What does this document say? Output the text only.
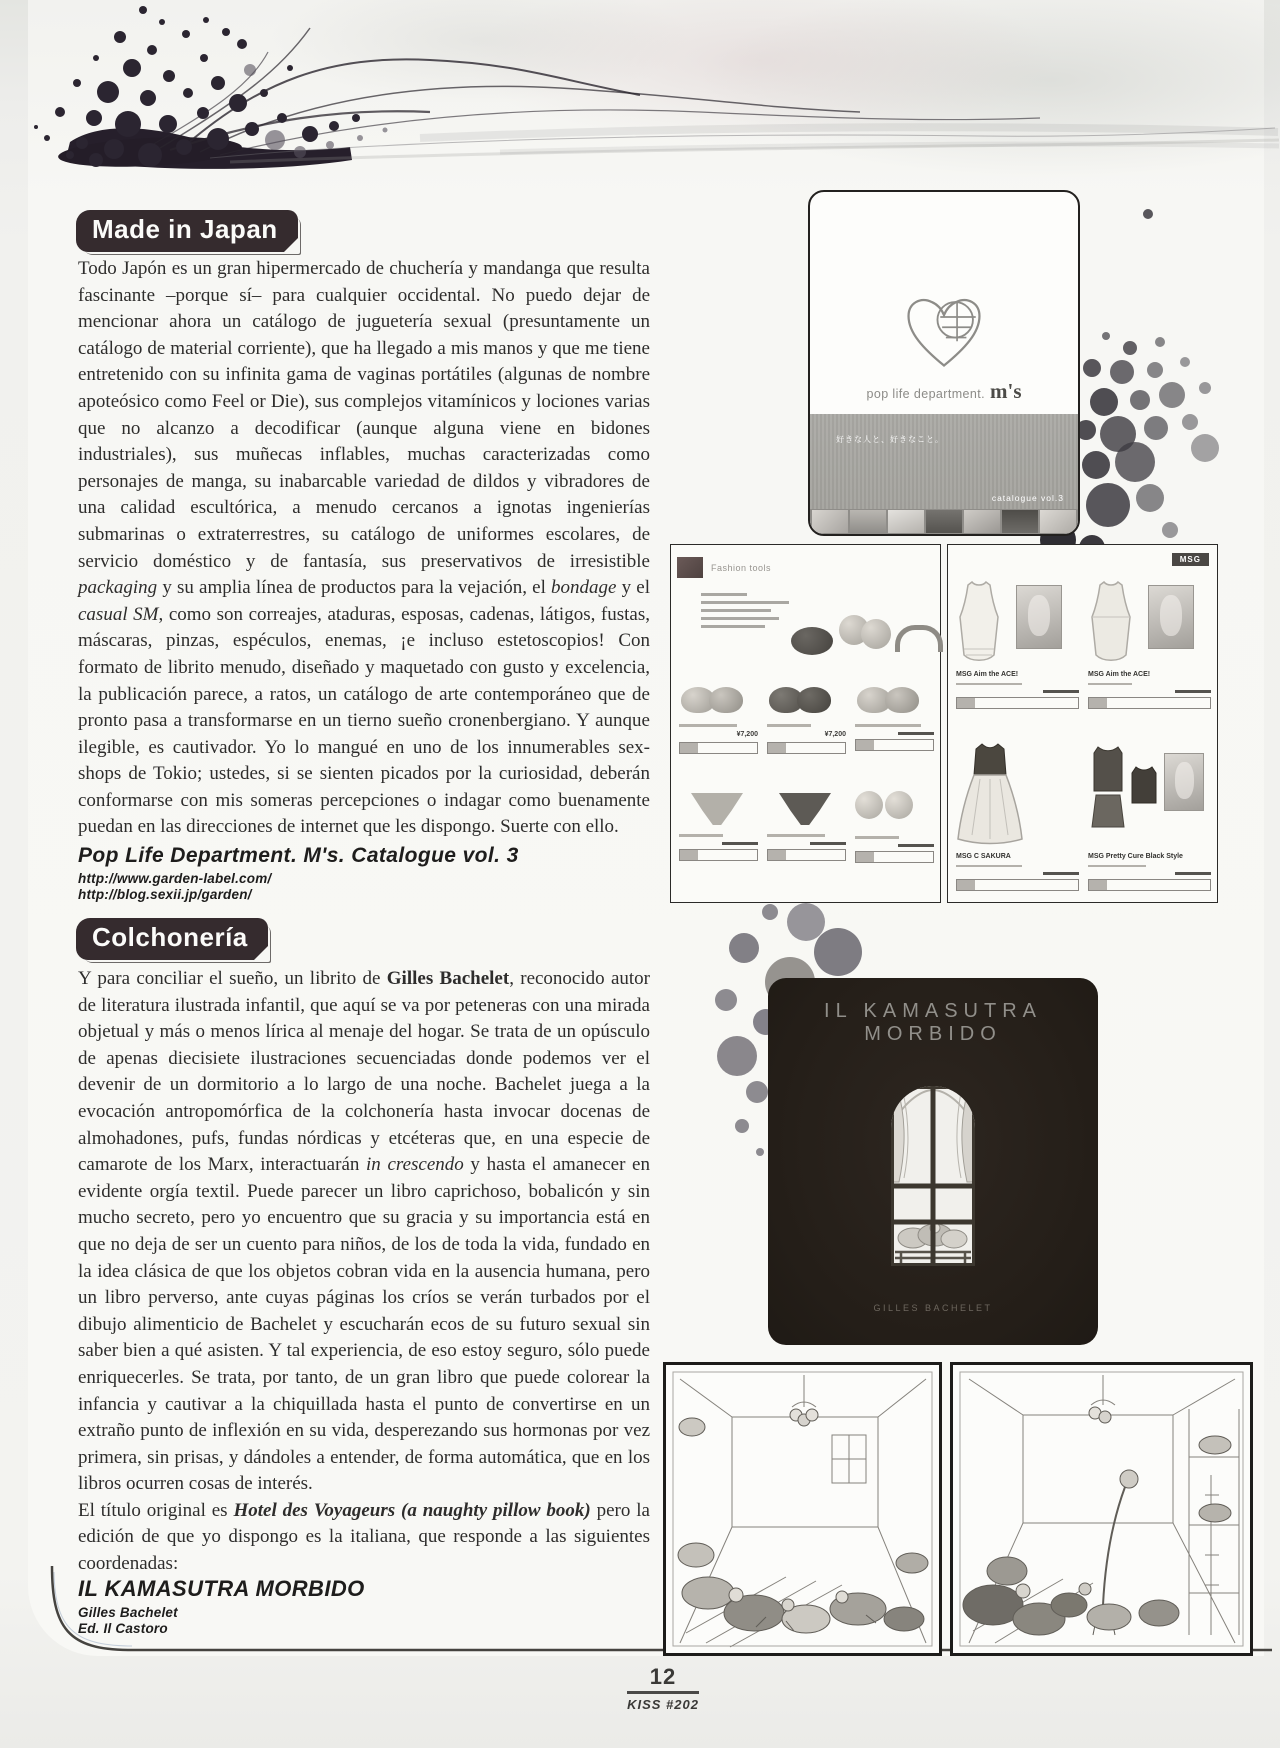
Made in Japan

Todo Japón es un gran hipermercado de chuchería y mandanga que resulta fascinante –porque sí– para cualquier occidental. No puedo dejar de mencionar ahora un catálogo de juguetería sexual (presuntamente un catálogo de material corriente), que ha llegado a mis manos y que me tiene entretenido con su infinita gama de vaginas portátiles (algunas de nombre apoteósico como Feel or Die), sus complejos vitamínicos y lociones varias que no alcanzo a decodificar (aunque alguna viene en bidones industriales), sus muñecas inflables, muchas caracterizadas como personajes de manga, su inabarcable variedad de dildos y vibradores de una calidad escultórica, a menudo cercanos a ignotas ingenierías submarinas o extraterrestres, su catálogo de uniformes escolares, de servicio doméstico y de fantasía, sus preservativos de irresistible packaging y su amplia línea de productos para la vejación, el bondage y el casual SM, como son correajes, ataduras, esposas, cadenas, látigos, fustas, máscaras, pinzas, espéculos, enemas, ¡e incluso estetoscopios! Con formato de librito menudo, diseñado y maquetado con gusto y excelencia, la publicación parece, a ratos, un catálogo de arte contemporáneo que de pronto pasa a transformarse en un tierno sueño cronenbergiano. Y aunque ilegible, es cautivador. Yo lo mangué en uno de los innumerables sex-shops de Tokio; ustedes, si se sienten picados por la curiosidad, deberán conformarse con mis someras percepciones o indagar como buenamente puedan en las direcciones de internet que les dispongo. Suerte con ello.

Pop Life Department. M's. Catalogue vol. 3
http://www.garden-label.com/
http://blog.sexii.jp/garden/
Colchonería

Y para conciliar el sueño, un librito de Gilles Bachelet, reconocido autor de literatura ilustrada infantil, que aquí se va por peteneras con una mirada objetual y más o menos lírica al menaje del hogar. Se trata de un opúsculo de apenas diecisiete ilustraciones secuenciadas donde podemos ver el devenir de un dormitorio a lo largo de una noche. Bachelet juega a la evocación antropomórfica de la colchonería hasta invocar docenas de almohadones, pufs, fundas nórdicas y etcéteras que, en una especie de camarote de los Marx, interactuarán in crescendo y hasta el amanecer en evidente orgía textil. Puede parecer un libro caprichoso, bobalicón y sin mucho secreto, pero yo encuentro que su gracia y su importancia está en que no deja de ser un cuento para niños, de los de toda la vida, fundado en la idea clásica de que los objetos cobran vida en la ausencia humana, pero un libro perverso, ante cuyas páginas los críos se verán turbados por el dibujo alimenticio de Bachelet y escucharán ecos de su futuro sexual sin saber bien a qué asisten. Y tal experiencia, de eso estoy seguro, sólo puede enriquecerles. Se trata, por tanto, de un gran libro que puede colorear la infancia y cautivar a la chiquillada hasta el punto de convertirse en un extraño punto de inflexión en su vida, desperezando sus hormonas por vez primera, sin prisas, y dándoles a entender, de forma automática, que en los libros ocurren cosas de interés.
El título original es Hotel des Voyageurs (a naughty pillow book) pero la edición de que yo dispongo es la italiana, que responde a las siguientes coordenadas:

IL KAMASUTRA MORBIDO
Gilles Bachelet
Ed. Il Castoro
12
KISS #202
pop life department. m's
好きな人と、好きなこと。
catalogue vol.3
Fashion tools
¥7,200	¥7,200
MSG
MSG Aim the ACE!	MSG Aim the ACE!
MSG C SAKURA	MSG Pretty Cure Black Style
IL KAMASUTRA MORBIDO
GILLES BACHELET
